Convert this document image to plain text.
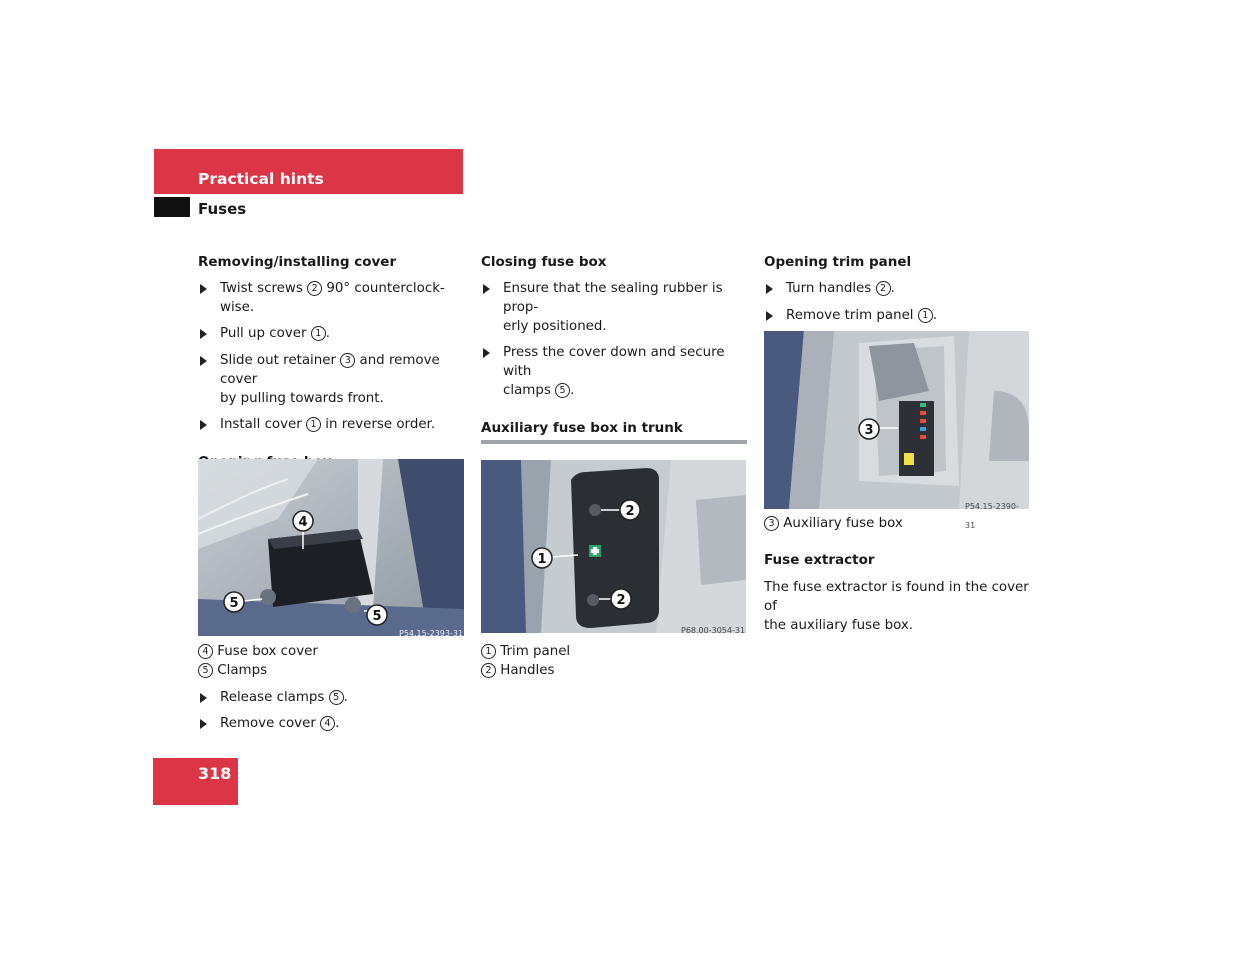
Practical hints
Fuses

Removing/installing cover

Twist screws 2 90° counterclock-
wise.

Pull up cover 1 .

Slide out retainer 3 and remove cover
by pulling towards front.

Install cover 1 in reverse order.

4
5
5
P54.15-2393-31

4 Fuse box cover

5 Clamps

Release clamps 5 .

Remove cover 4 .

Closing fuse box

Ensure that the sealing rubber is prop-
erly positioned.

Press the cover down and secure with
clamps 5 .

Auxiliary fuse box in trunk

1
2
2
P68.00-3054-31

1 Trim panel

2 Handles

Opening trim panel

Turn handles 2 .

Remove trim panel 1 .

3
P54.15-2390-31

3 Auxiliary fuse box

Fuse extractor

The fuse extractor is found in the cover of
the auxiliary fuse box.

318
